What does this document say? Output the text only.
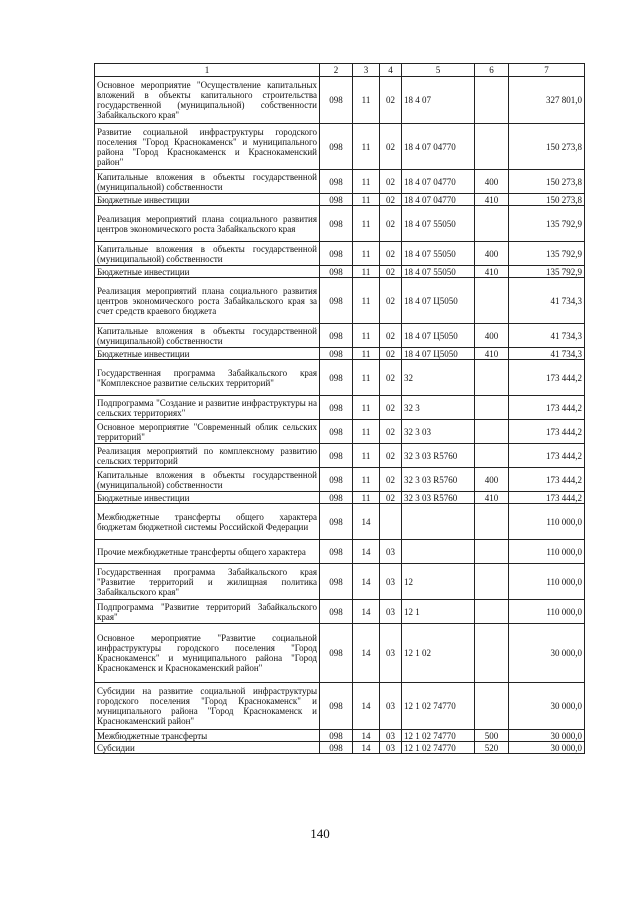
1	2	3	4	5	6	7
Основное мероприятие "Осуществление капитальных вложений в объекты капитального строительства государственной (муниципальной) собственности Забайкальского края"	098	11	02	18 4 07		327 801,0
Развитие социальной инфраструктуры городского поселения "Город Краснокаменск" и муниципального района "Город Краснокаменск и Краснокаменский район"	098	11	02	18 4 07 04770		150 273,8
Капитальные вложения в объекты государственной (муниципальной) собственности	098	11	02	18 4 07 04770	400	150 273,8
Бюджетные инвестиции	098	11	02	18 4 07 04770	410	150 273,8
Реализация мероприятий плана социального развития центров экономического роста Забайкальского края	098	11	02	18 4 07 55050		135 792,9
Капитальные вложения в объекты государственной (муниципальной) собственности	098	11	02	18 4 07 55050	400	135 792,9
Бюджетные инвестиции	098	11	02	18 4 07 55050	410	135 792,9
Реализация мероприятий плана социального развития центров экономического роста Забайкальского края за счет средств краевого бюджета	098	11	02	18 4 07 Ц5050		41 734,3
Капитальные вложения в объекты государственной (муниципальной) собственности	098	11	02	18 4 07 Ц5050	400	41 734,3
Бюджетные инвестиции	098	11	02	18 4 07 Ц5050	410	41 734,3
Государственная программа Забайкальского края "Комплексное развитие сельских территорий"	098	11	02	32		173 444,2
Подпрограмма "Создание и развитие инфраструктуры на сельских территориях"	098	11	02	32 3		173 444,2
Основное мероприятие "Современный облик сельских территорий"	098	11	02	32 3 03		173 444,2
Реализация мероприятий по комплексному развитию сельских территорий	098	11	02	32 3 03 R5760		173 444,2
Капитальные вложения в объекты государственной (муниципальной) собственности	098	11	02	32 3 03 R5760	400	173 444,2
Бюджетные инвестиции	098	11	02	32 3 03 R5760	410	173 444,2
Межбюджетные трансферты общего характера бюджетам бюджетной системы Российской Федерации	098	14				110 000,0
Прочие межбюджетные трансферты общего характера	098	14	03			110 000,0
Государственная программа Забайкальского края "Развитие территорий и жилищная политика Забайкальского края"	098	14	03	12		110 000,0
Подпрограмма "Развитие территорий Забайкальского края"	098	14	03	12 1		110 000,0
Основное мероприятие "Развитие социальной инфраструктуры городского поселения "Город Краснокаменск" и муниципального района "Город Краснокаменск и Краснокаменский район"	098	14	03	12 1 02		30 000,0
Субсидии на развитие социальной инфраструктуры городского поселения "Город Краснокаменск" и муниципального района "Город Краснокаменск и Краснокаменский район"	098	14	03	12 1 02 74770		30 000,0
Межбюджетные трансферты	098	14	03	12 1 02 74770	500	30 000,0
Субсидии	098	14	03	12 1 02 74770	520	30 000,0
140
